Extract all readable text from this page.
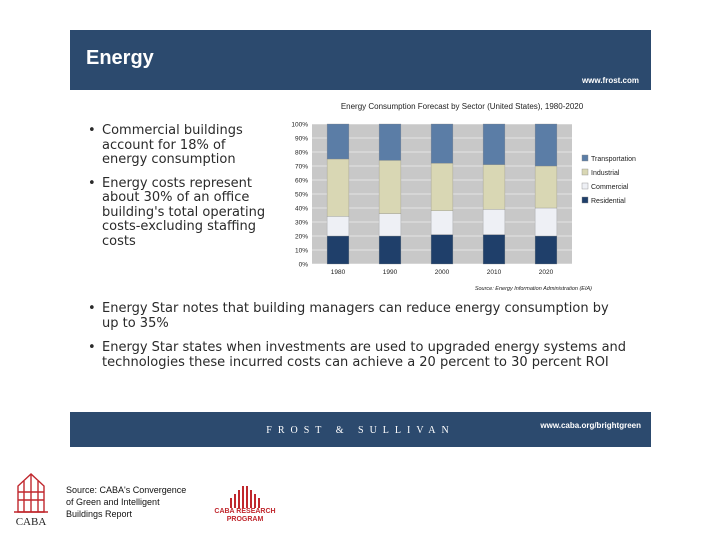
Energy
www.frost.com
• Commercial buildings account for 18% of energy consumption
• Energy costs represent about 30% of an office building's total operating costs-excluding staffing costs
Energy Consumption Forecast by Sector (United States), 1980-2020
0%
10%
20%
30%
40%
50%
60%
70%
80%
90%
100%
1980	1990	2000	2010	2020
Transportation
Industrial
Commercial
Residential
Source: Energy Information Administration (EIA)
• Energy Star notes that building managers can reduce energy consumption by up to 35%
• Energy Star states when investments are used to upgraded energy systems and technologies these incurred costs can achieve a 20 percent to 30 percent ROI
FROST & SULLIVAN	www.caba.org/brightgreen
CABA
Source: CABA's Convergence of Green and Intelligent Buildings Report	CABA RESEARCH PROGRAM
